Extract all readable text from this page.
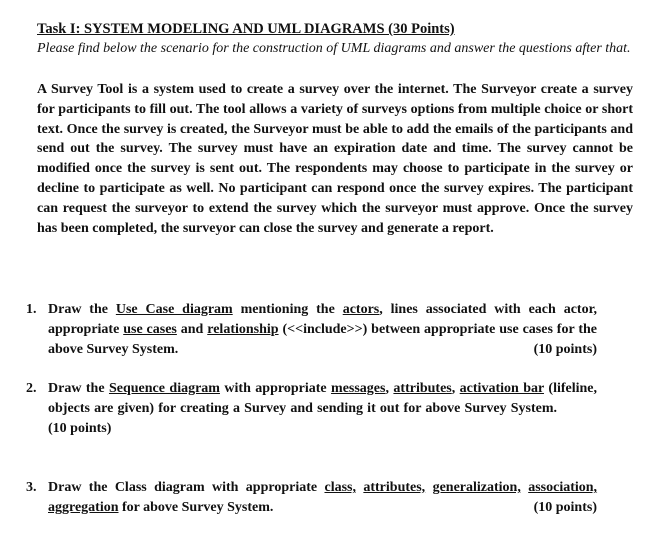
Task I: SYSTEM MODELING AND UML DIAGRAMS (30 Points)
Please find below the scenario for the construction of UML diagrams and answer the questions after that.
A Survey Tool is a system used to create a survey over the internet. The Surveyor create a survey for participants to fill out. The tool allows a variety of surveys options from multiple choice or short text. Once the survey is created, the Surveyor must be able to add the emails of the participants and send out the survey. The survey must have an expiration date and time. The survey cannot be modified once the survey is sent out. The respondents may choose to participate in the survey or decline to participate as well. No participant can respond once the survey expires. The participant can request the surveyor to extend the survey which the surveyor must approve. Once the survey has been completed, the surveyor can close the survey and generate a report.
1. Draw the Use Case diagram mentioning the actors, lines associated with each actor, appropriate use cases and relationship (<<include>>) between appropriate use cases for the above Survey System.	(10 points)
2. Draw the Sequence diagram with appropriate messages, attributes, activation bar (lifeline, objects are given) for creating a Survey and sending it out for above Survey System.(10 points)
3. Draw the Class diagram with appropriate class, attributes, generalization, association, aggregation for above Survey System.	(10 points)
